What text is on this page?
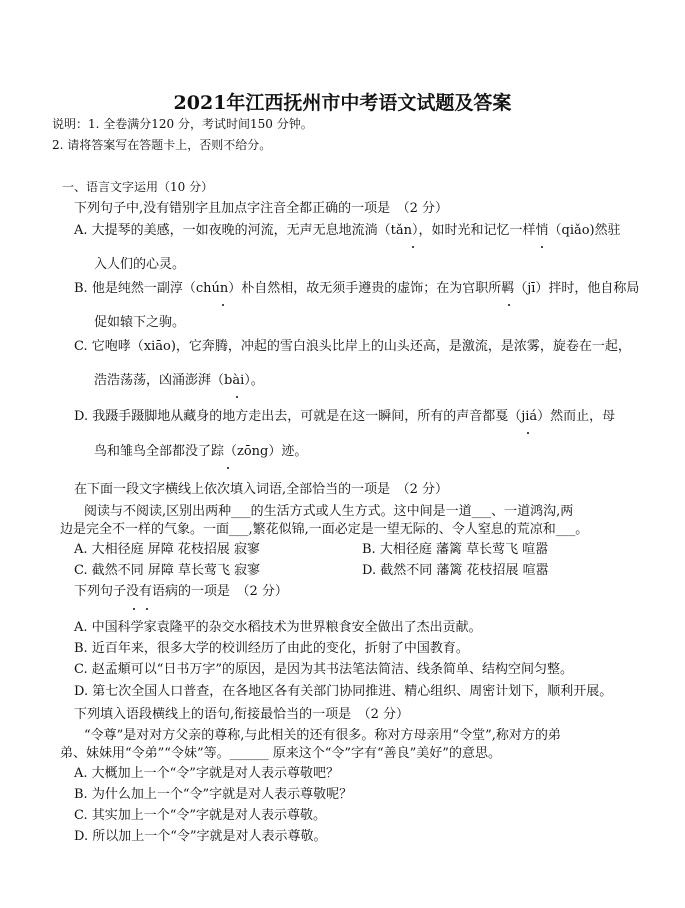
2021年江西抚州市中考语文试题及答案
说明：1. 全卷满分120 分，考试时间150 分钟。
2. 请将答案写在答题卡上，否则不给分。
一、语言文字运用（10 分）
下列句子中,没有错别字且加点字注音全都正确的一项是　（2 分）
A. 大提琴的美感，一如夜晚的河流，无声无息地流淌（tǎn），如时光和记忆一样悄（qiǎo)然驻
入人们的心灵。
B. 他是纯然一副淳（chún）朴自然相，故无须手遵贵的虚饰；在为官职所羁（jī）拌时，他自称局
促如辕下之驹。
C. 它咆哮（xiāo)，它奔腾，冲起的雪白浪头比岸上的山头还高，是激流，是浓雾，旋卷在一起，
浩浩荡荡，凶涌澎湃（bài）。
D. 我蹑手蹑脚地从藏身的地方走出去，可就是在这一瞬间，所有的声音都戛（jiá）然而止，母
鸟和雏鸟全部都没了踪（zōng）迹。
在下面一段文字横线上依次填入词语,全部恰当的一项是　（2 分）
阅读与不阅读,区别出两种___的生活方式或人生方式。这中间是一道___、一道鸿沟,两
边是完全不一样的气象。一面___,繁花似锦,一面必定是一望无际的、令人窒息的荒凉和___。
A. 大相径庭 屏障 花枝招展 寂寥	B. 大相径庭 藩篱 草长莺飞 喧嚣
C. 截然不同 屏障 草长莺飞 寂寥	D. 截然不同 藩篱 花枝招展 喧嚣
下列句子没有语病的一项是　（2 分）
A. 中国科学家袁隆平的杂交水稻技术为世界粮食安全做出了杰出贡献。
B. 近百年来，很多大学的校训经历了由此的变化，折射了中国教育。
C. 赵孟頫可以“日书万字”的原因，是因为其书法笔法简洁、线条简单、结构空间匀整。
D. 第七次全国人口普查，在各地区各有关部门协同推进、精心组织、周密计划下，顺利开展。
下列填入语段横线上的语句,衔接最恰当的一项是　（2 分）
“令尊”是对对方父亲的尊称,与此相关的还有很多。称对方母亲用“令堂”,称对方的弟
弟、妹妹用“令弟”“令妹”等。______ 原来这个“令”字有“善良”美好”的意思。
A. 大概加上一个“令”字就是对人表示尊敬吧？
B. 为什么加上一个“令”字就是对人表示尊敬呢？
C. 其实加上一个“令”字就是对人表示尊敬。
D. 所以加上一个“令”字就是对人表示尊敬。
